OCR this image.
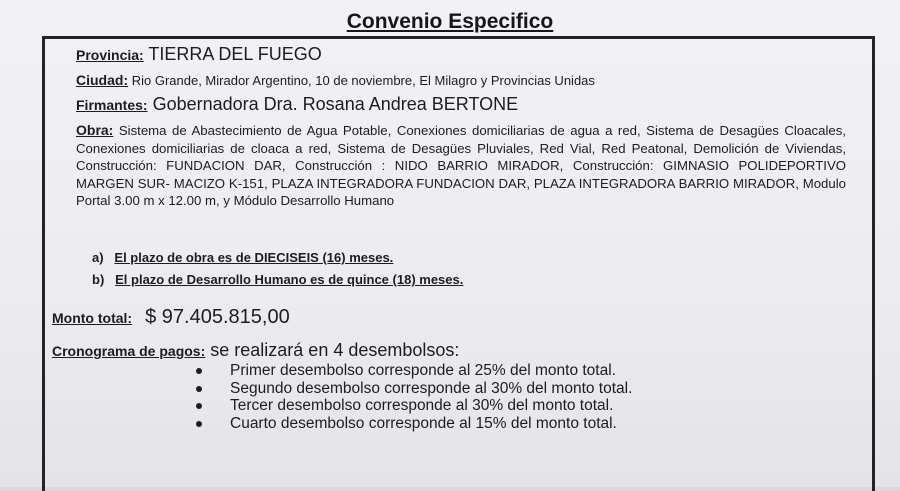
Convenio Especifico
Provincia: TIERRA DEL FUEGO
Ciudad: Rio Grande, Mirador Argentino, 10 de noviembre, El Milagro y Provincias Unidas
Firmantes: Gobernadora Dra. Rosana Andrea BERTONE
Obra: Sistema de Abastecimiento de Agua Potable, Conexiones domiciliarias de agua a red, Sistema de Desagües Cloacales, Conexiones domiciliarias de cloaca a red, Sistema de Desagües Pluviales, Red Vial, Red Peatonal, Demolición de Viviendas, Construcción: FUNDACION DAR, Construcción : NIDO BARRIO MIRADOR, Construcción: GIMNASIO POLIDEPORTIVO MARGEN SUR- MACIZO K-151, PLAZA INTEGRADORA FUNDACION DAR, PLAZA INTEGRADORA BARRIO MIRADOR, Modulo Portal 3.00 m x 12.00 m, y Módulo Desarrollo Humano
a) El plazo de obra es de DIECISEIS (16) meses.
b) El plazo de Desarrollo Humano es de quince (18) meses.
Monto total: $ 97.405.815,00
Cronograma de pagos: se realizará en 4 desembolsos:
Primer desembolso corresponde al 25% del monto total.
Segundo desembolso corresponde al 30% del monto total.
Tercer desembolso corresponde al 30% del monto total.
Cuarto desembolso corresponde al 15% del monto total.
